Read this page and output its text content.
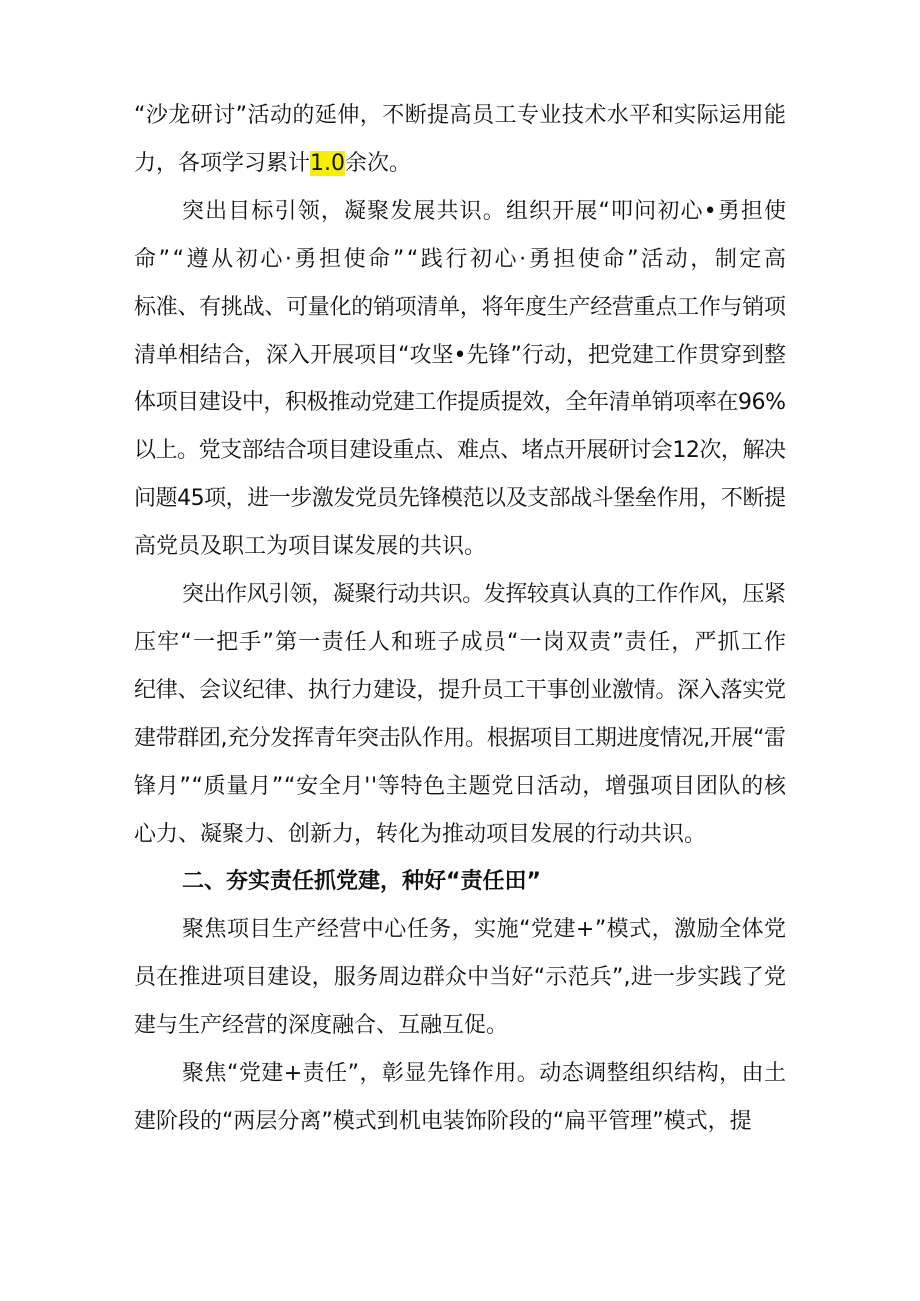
“沙龙研讨”活动的延伸，不断提高员工专业技术水平和实际运用能
力，各项学习累计1.0余次。
突出目标引领，凝聚发展共识。组织开展“叩问初心•勇担使
命”“遵从初心·勇担使命”“践行初心·勇担使命”活动，制定高
标准、有挑战、可量化的销项清单，将年度生产经营重点工作与销项
清单相结合，深入开展项目“攻坚•先锋”行动，把党建工作贯穿到整
体项目建设中，积极推动党建工作提质提效，全年清单销项率在96%
以上。党支部结合项目建设重点、难点、堵点开展研讨会12次，解决
问题45项，进一步激发党员先锋模范以及支部战斗堡垒作用，不断提
高党员及职工为项目谋发展的共识。
突出作风引领，凝聚行动共识。发挥较真认真的工作作风，压紧
压牢“一把手”第一责任人和班子成员“一岗双责”责任，严抓工作
纪律、会议纪律、执行力建设，提升员工干事创业激情。深入落实党
建带群团,充分发挥青年突击队作用。根据项目工期进度情况,开展“雷
锋月”“质量月”“安全月''等特色主题党日活动，增强项目团队的核
心力、凝聚力、创新力，转化为推动项目发展的行动共识。
二、夯实责任抓党建，种好“责任田”
聚焦项目生产经营中心任务，实施“党建+”模式，激励全体党
员在推进项目建设，服务周边群众中当好“示范兵”,进一步实践了党
建与生产经营的深度融合、互融互促。
聚焦“党建+责任”，彰显先锋作用。动态调整组织结构，由土
建阶段的“两层分离”模式到机电装饰阶段的“扁平管理”模式，提
